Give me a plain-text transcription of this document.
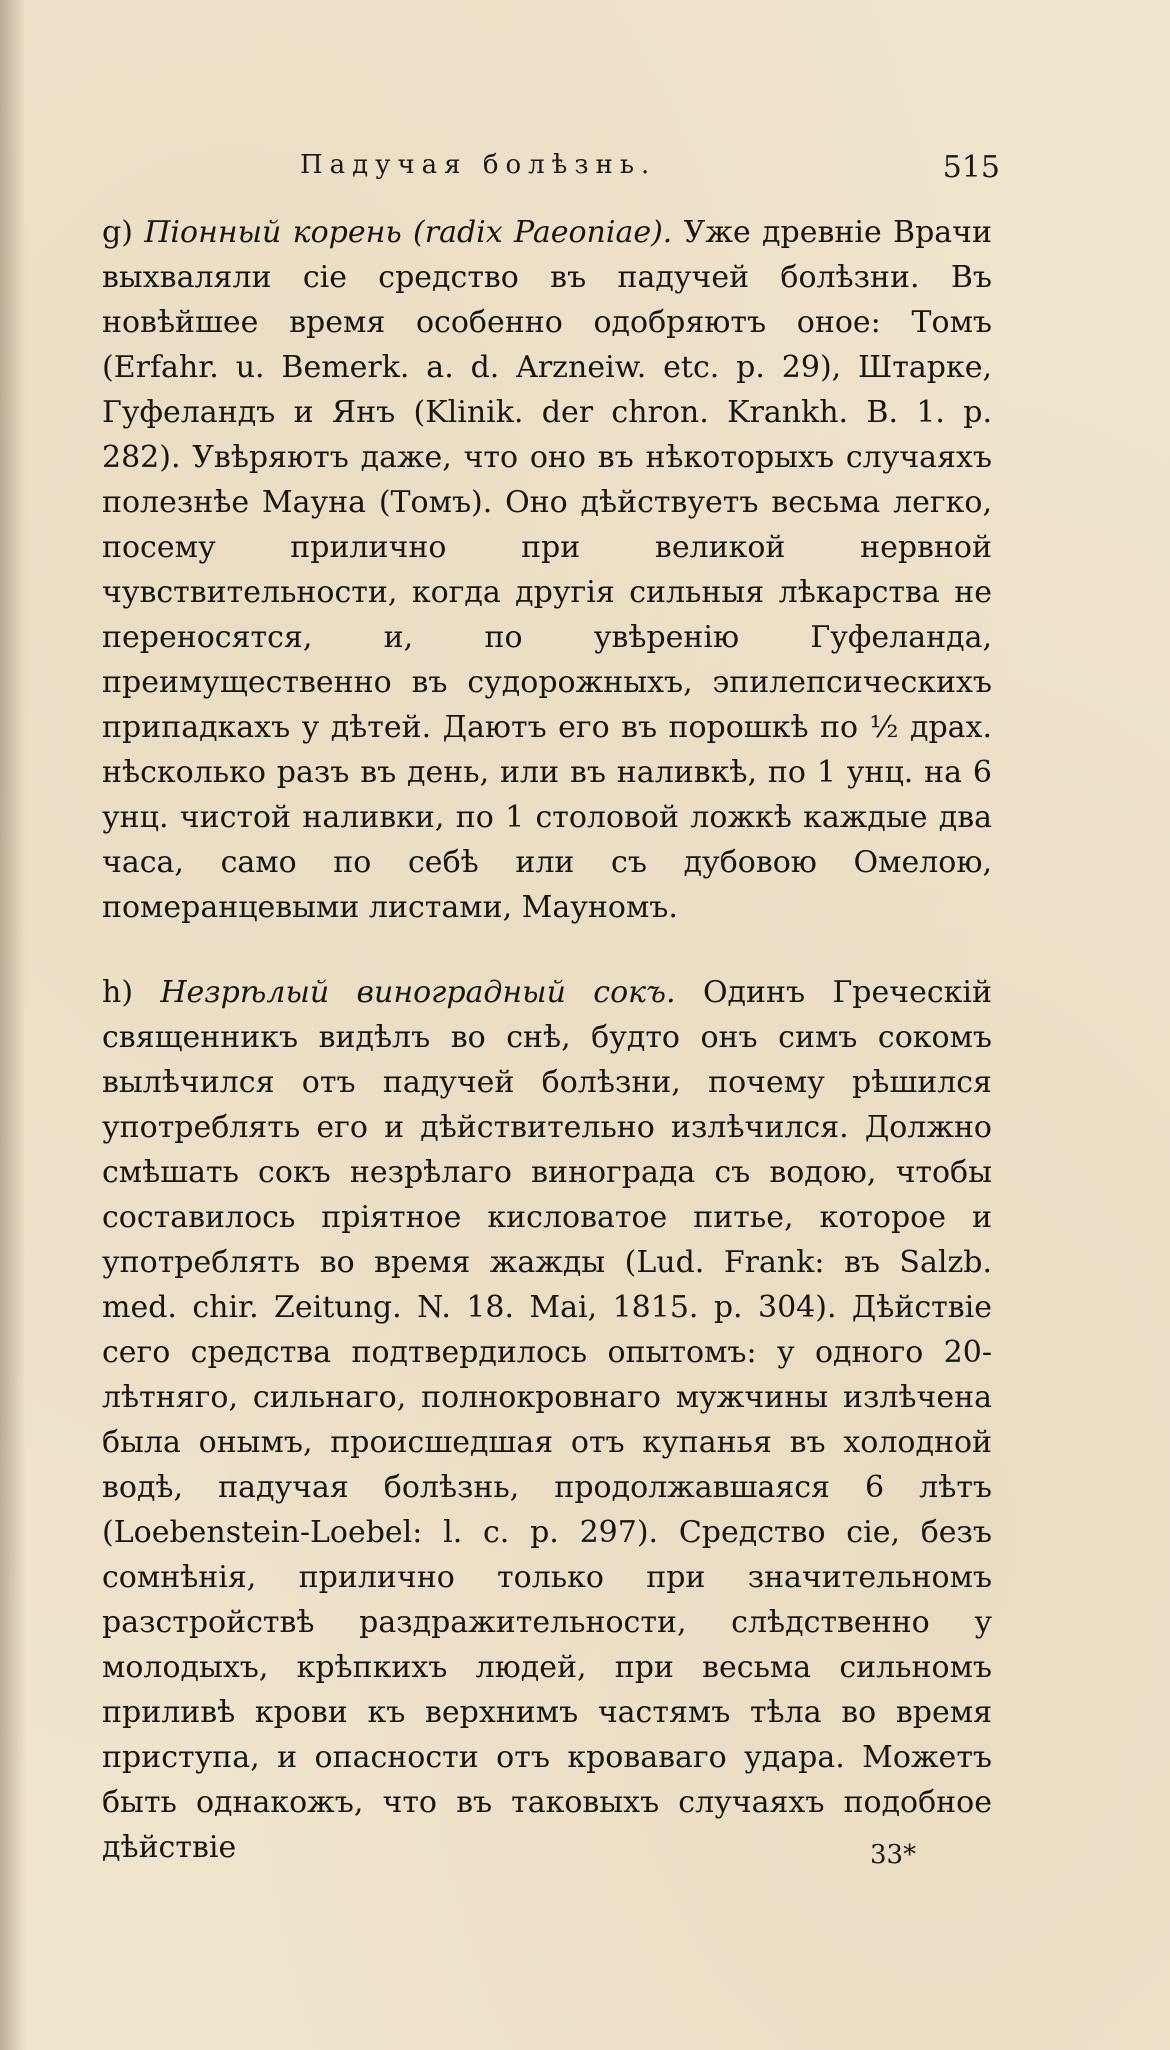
Падучая болѣзнь.	515

g) Піонный корень (radix Paeoniae). Уже древніе Врачи выхваляли сіе средство въ падучей болѣзни. Въ новѣйшее время особенно одобряютъ оное: Томъ (Erfahr. u. Bemerk. a. d. Arzneiw. etc. p. 29), Штарке, Гуфеландъ и Янъ (Klinik. der chron. Krankh. B. 1. p. 282). Увѣряютъ даже, что оно въ нѣкоторыхъ случаяхъ полезнѣе Мауна (Томъ). Оно дѣйствуетъ весьма легко, посему прилично при великой нервной чувствительности, когда другія сильныя лѣкарства не переносятся, и, по увѣренію Гуфеланда, преимущественно въ судорожныхъ, эпилепсическихъ припадкахъ у дѣтей. Даютъ его въ порошкѣ по ½ драх. нѣсколько разъ въ день, или въ наливкѣ, по 1 унц. на 6 унц. чистой наливки, по 1 столовой ложкѣ каждые два часа, само по себѣ или съ дубовою Омелою, померанцевыми листами, Мауномъ.

h) Незрѣлый виноградный сокъ. Одинъ Греческій священникъ видѣлъ во снѣ, будто онъ симъ сокомъ вылѣчился отъ падучей болѣзни, почему рѣшился употреблять его и дѣйствительно излѣчился. Должно смѣшать сокъ незрѣлаго винограда съ водою, чтобы составилось пріятное кисловатое питье, которое и употреблять во время жажды (Lud. Frank: въ Salzb. med. chir. Zeitung. N. 18. Mai, 1815. p. 304). Дѣйствіе сего средства подтвердилось опытомъ: у одного 20-лѣтняго, сильнаго, полнокровнаго мужчины излѣчена была онымъ, происшедшая отъ купанья въ холодной водѣ, падучая болѣзнь, продолжавшаяся 6 лѣтъ (Loebenstein-Loebel: l. c. p. 297). Средство сіе, безъ сомнѣнія, прилично только при значительномъ разстройствѣ раздражительности, слѣдственно у молодыхъ, крѣпкихъ людей, при весьма сильномъ приливѣ крови къ верхнимъ частямъ тѣла во время приступа, и опасности отъ кроваваго удара. Можетъ быть однакожъ, что въ таковыхъ случаяхъ подобное дѣйствіе	33*
